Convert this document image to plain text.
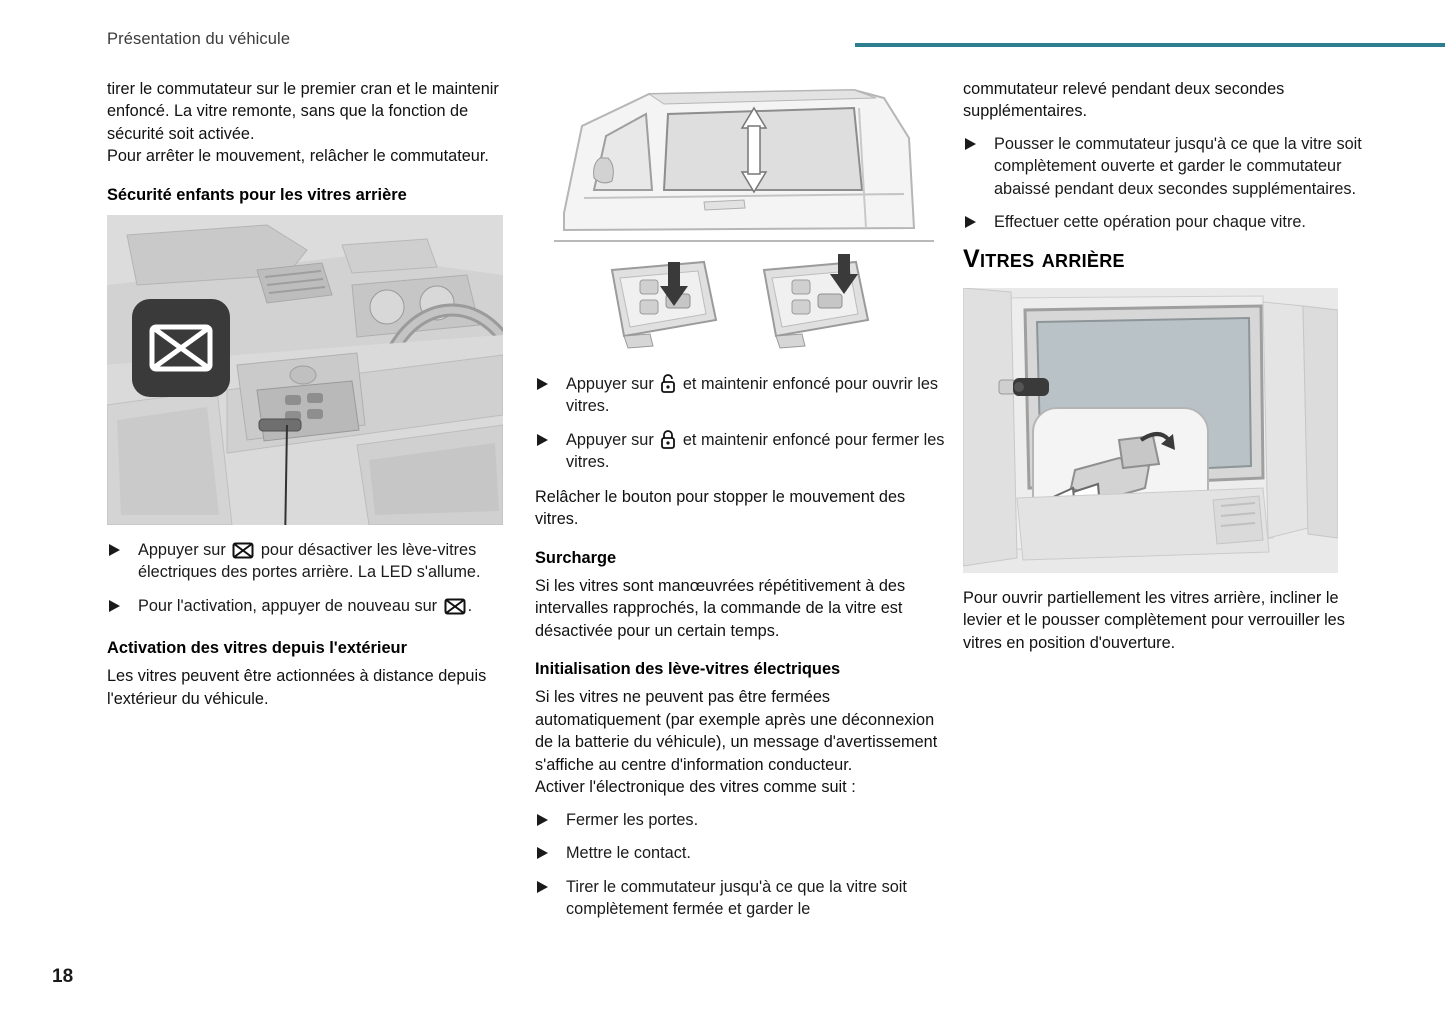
Présentation du véhicule

tirer le commutateur sur le premier cran et le maintenir enfoncé. La vitre remonte, sans que la fonction de sécurité soit activée.

Pour arrêter le mouvement, relâcher le commutateur.

Sécurité enfants pour les vitres arrière
Appuyer sur pour désactiver les lève-vitres électriques des portes arrière. La LED s'allume.
Pour l'activation, appuyer de nouveau sur .
Activation des vitres depuis l'extérieur

Les vitres peuvent être actionnées à distance depuis l'extérieur du véhicule.

Appuyer sur et maintenir enfoncé pour ouvrir les vitres.
Appuyer sur et maintenir enfoncé pour fermer les vitres.

Relâcher le bouton pour stopper le mouvement des vitres.

Surcharge

Si les vitres sont manœuvrées répétitivement à des intervalles rapprochés, la commande de la vitre est désactivée pour un certain temps.

Initialisation des lève-vitres électriques

Si les vitres ne peuvent pas être fermées automatiquement (par exemple après une déconnexion de la batterie du véhicule), un message d'avertissement s'affiche au centre d'information conducteur.

Activer l'électronique des vitres comme suit :

Fermer les portes.
Mettre le contact.
Tirer le commutateur jusqu'à ce que la vitre soit complètement fermée et garder le

commutateur relevé pendant deux secondes supplémentaires.

Pousser le commutateur jusqu'à ce que la vitre soit complètement ouverte et garder le commutateur abaissé pendant deux secondes supplémentaires.
Effectuer cette opération pour chaque vitre.
Vitres arrière

Pour ouvrir partiellement les vitres arrière, incliner le levier et le pousser complètement pour verrouiller les vitres en position d'ouverture.

18
